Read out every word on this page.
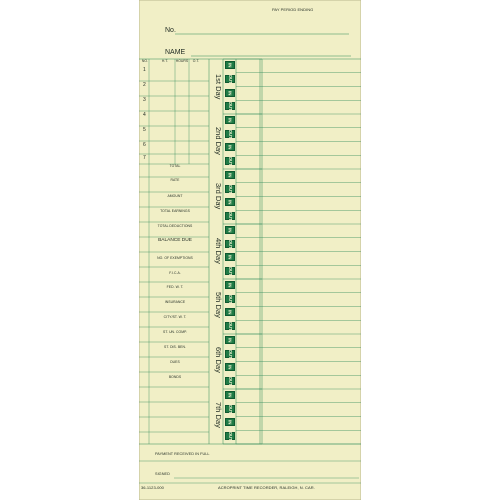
PAY PERIOD ENDING
No.
NAME
NO.	H.T. HOURS O.T.
1
2
3
4
5
6
7
TOTAL
RATE
AMOUNT
TOTAL EARNINGS
TOTAL DEDUCTIONS
BALANCE DUE
NO. OF EXEMPTIONS
F.I.C.A.
FED. W. T.
INSURANCE
CITY/ST. W. T.
ST. UN. COMP.
ST. DIS. BEN.
DUES
BONDS
1st Day
2nd Day
3rd Day
4th Day
5th Day
6th Day
7th Day
IN
OUT
IN
OUT
IN
OUT
IN
OUT
IN
OUT
IN
OUT
IN
OUT
IN
OUT
IN
OUT
IN
OUT
IN
OUT
IN
OUT
IN
OUT
IN
OUT
PAYMENT RECEIVED IN FULL
SIGNED
36-1123-000	ACROPRINT TIME RECORDER, RALEIGH, N. CAR.
